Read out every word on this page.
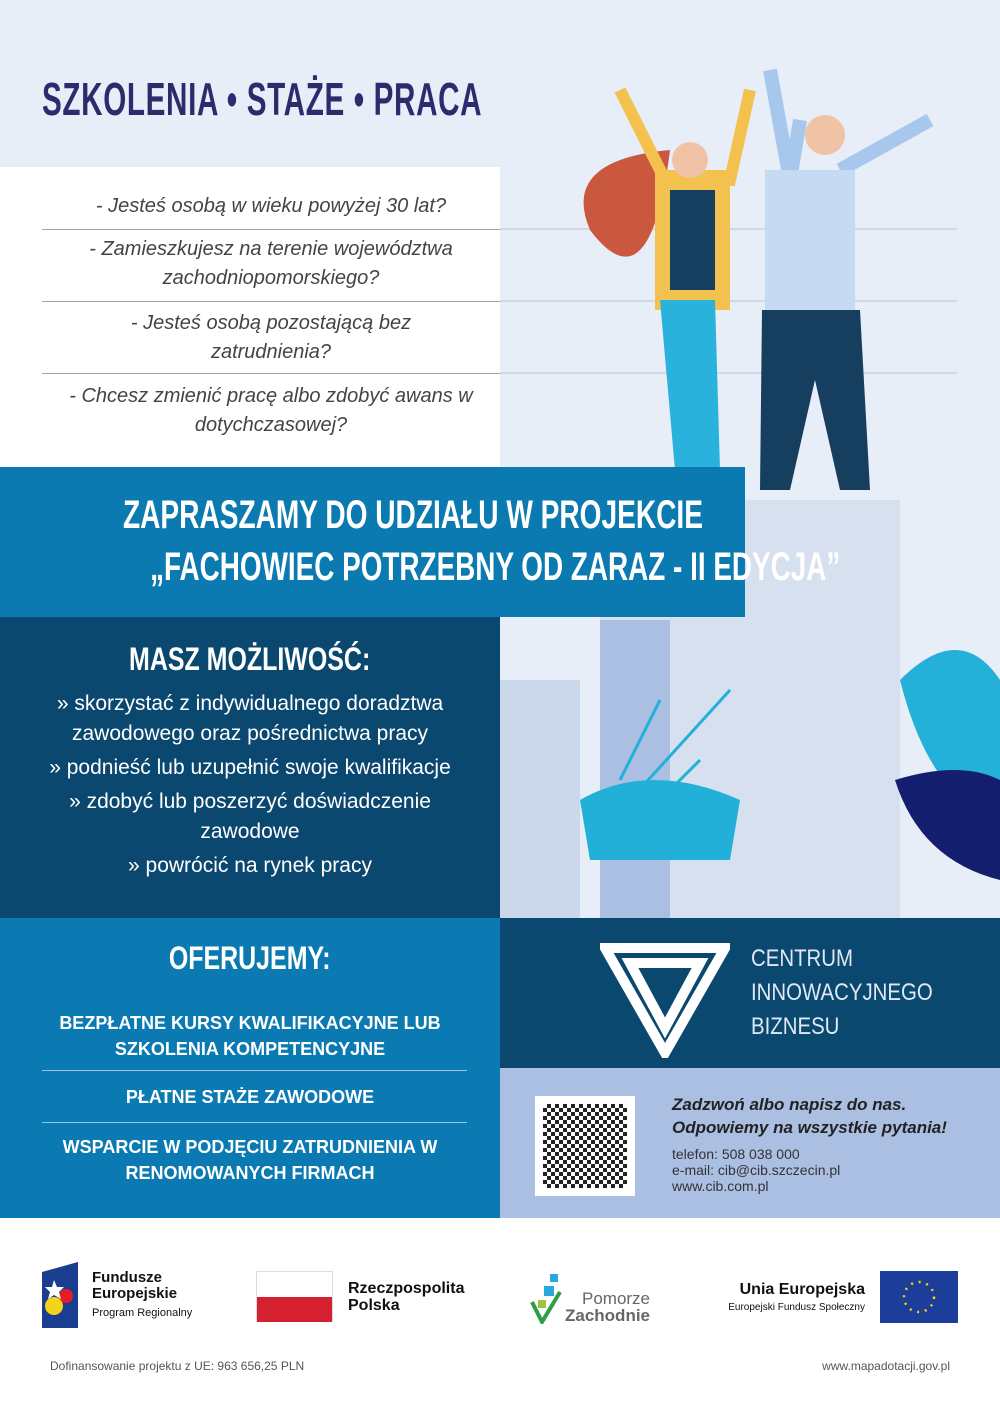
SZKOLENIA • STAŻE • PRACA
- Jesteś osobą w wieku powyżej 30 lat?
- Zamieszkujesz na terenie województwa zachodniopomorskiego?
- Jesteś osobą pozostającą bez zatrudnienia?
- Chcesz zmienić pracę albo zdobyć awans w dotychczasowej?
ZAPRASZAMY DO UDZIAŁU W PROJEKCIE
„FACHOWIEC POTRZEBNY OD ZARAZ - II EDYCJA”
MASZ MOŻLIWOŚĆ:
» skorzystać z indywidualnego doradztwa zawodowego oraz pośrednictwa pracy
» podnieść lub uzupełnić swoje kwalifikacje
» zdobyć lub poszerzyć doświadczenie zawodowe
» powrócić na rynek pracy
OFERUJEMY:
BEZPŁATNE KURSY KWALIFIKACYJNE LUB SZKOLENIA KOMPETENCYJNE
PŁATNE STAŻE ZAWODOWE
WSPARCIE W PODJĘCIU ZATRUDNIENIA W RENOMOWANYCH FIRMACH
CENTRUM
INNOWACYJNEGO
BIZNESU
Zadzwoń albo napisz do nas.
Odpowiemy na wszystkie pytania!
telefon: 508 038 000
e-mail: cib@cib.szczecin.pl
www.cib.com.pl
Fundusze
Europejskie
Program Regionalny
Rzeczpospolita
Polska	Pomorze
Zachodnie
Unia Europejska
Europejski Fundusz Społeczny
Dofinansowanie projektu z UE: 963 656,25 PLN	www.mapadotacji.gov.pl
